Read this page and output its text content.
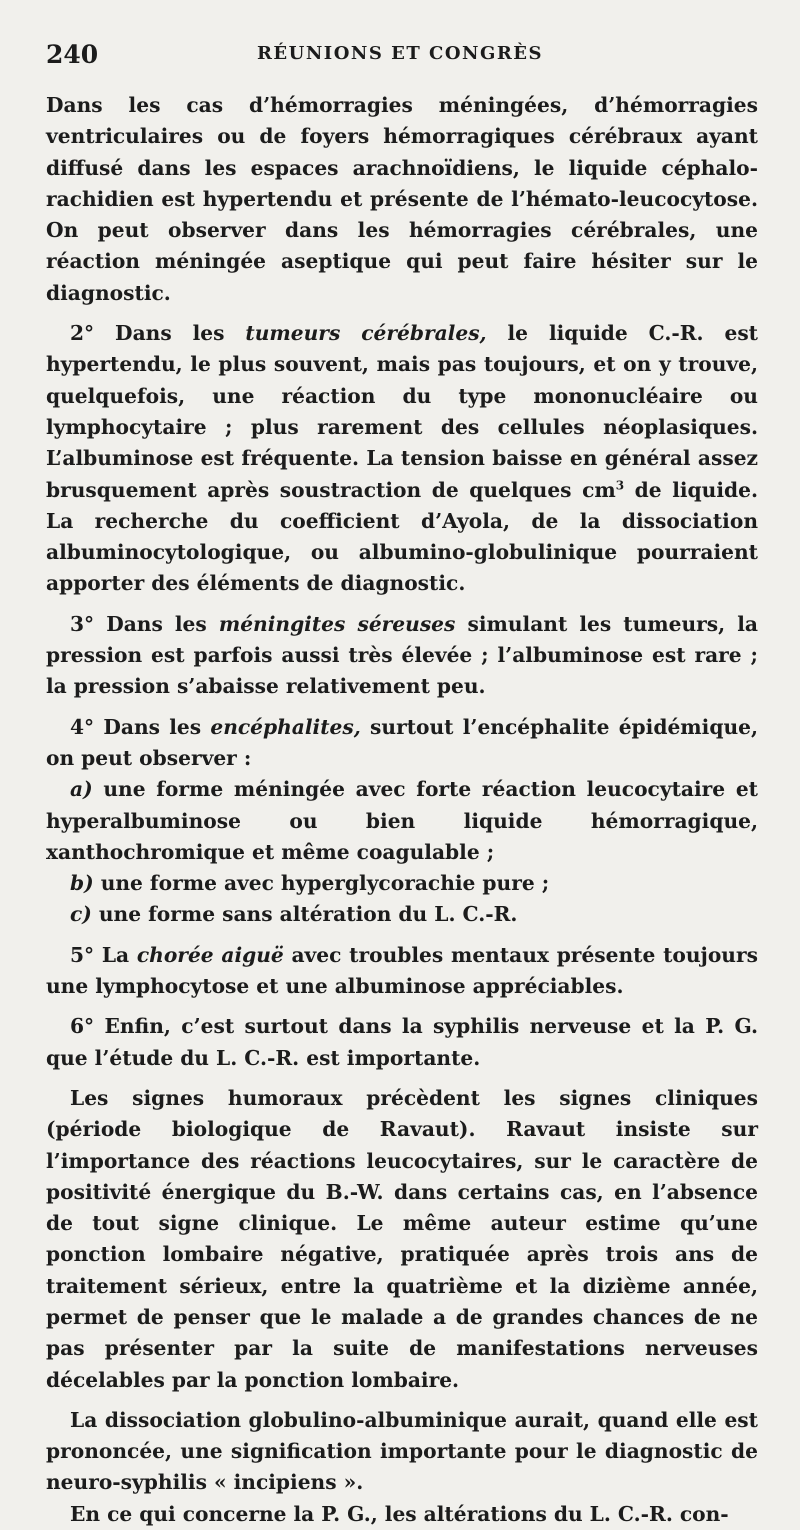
240	RÉUNIONS ET CONGRÈS

Dans les cas d’hémorragies méningées, d’hémorragies ventriculaires ou de foyers hémorragiques cérébraux ayant diffusé dans les espaces arachnoïdiens, le liquide céphalo-rachidien est hypertendu et présente de l’hémato-leucocytose. On peut observer dans les hémorragies cérébrales, une réaction méningée aseptique qui peut faire hésiter sur le diagnostic.

2° Dans les tumeurs cérébrales, le liquide C.-R. est hypertendu, le plus souvent, mais pas toujours, et on y trouve, quelquefois, une réaction du type mononucléaire ou lymphocytaire ; plus rarement des cellules néoplasiques. L’albuminose est fréquente. La tension baisse en général assez brusquement après soustraction de quelques $cm^3$ de liquide. La recherche du coefficient d’Ayola, de la dissociation albuminocytologique, ou albumino-globulinique pourraient apporter des éléments de diagnostic.

3° Dans les méningites séreuses simulant les tumeurs, la pression est parfois aussi très élevée ; l’albuminose est rare ; la pression s’abaisse relativement peu.

4° Dans les encéphalites, surtout l’encéphalite épidémique, on peut observer :

a) une forme méningée avec forte réaction leucocytaire et hyperalbuminose ou bien liquide hémorragique, xanthochromique et même coagulable ;

b) une forme avec hyperglycorachie pure ;

c) une forme sans altération du L. C.-R.

5° La chorée aiguë avec troubles mentaux présente toujours une lymphocytose et une albuminose appréciables.

6° Enfin, c’est surtout dans la syphilis nerveuse et la P. G. que l’étude du L. C.-R. est importante.

Les signes humoraux précèdent les signes cliniques (période biologique de Ravaut). Ravaut insiste sur l’importance des réactions leucocytaires, sur le caractère de positivité énergique du B.-W. dans certains cas, en l’absence de tout signe clinique. Le même auteur estime qu’une ponction lombaire négative, pratiquée après trois ans de traitement sérieux, entre la quatrième et la dizième année, permet de penser que le malade a de grandes chances de ne pas présenter par la suite de manifestations nerveuses décelables par la ponction lombaire.

La dissociation globulino-albuminique aurait, quand elle est prononcée, une signification importante pour le diagnostic de neuro-syphilis « incipiens ».

En ce qui concerne la P. G., les altérations du L. C.-R. con-
